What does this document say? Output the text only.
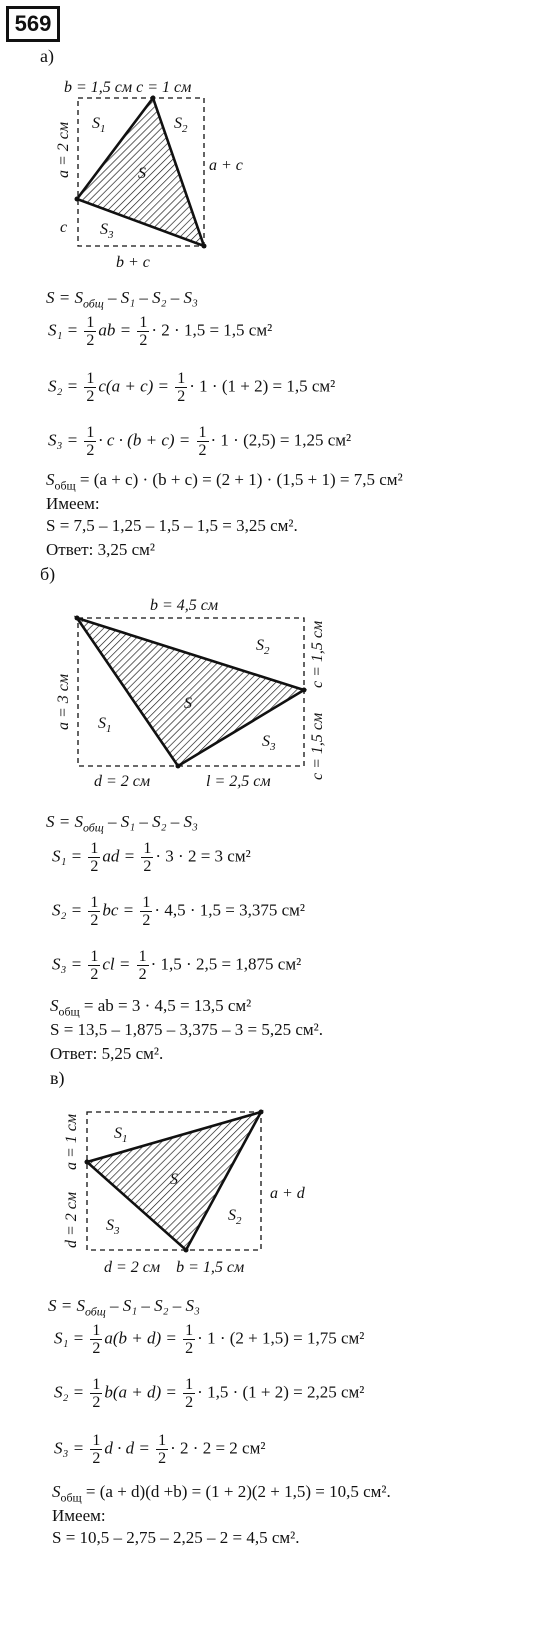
569
а)
b = 1,5 см c = 1 см
a = 2 см	a + c
c
b + c
$S_1$	$S_2$
$S_3$
S
$S = S_{общ} - S_1 - S_2 - S_3$
$S_1 = \frac{1}{2}$ ab = $\frac{1}{2} \cdot 2 \cdot 1,5 = 1,5$ см²
$S_2 = \frac{1}{2} c(a + c) = \frac{1}{2} \cdot 1 \cdot (1 + 2) = 1,5$ см²
$S_3 = \frac{1}{2} \cdot c \cdot (b + c) = \frac{1}{2} \cdot 1 \cdot (2,5) = 1,25$ см²
$S_{общ} = (a + c) \cdot (b + c) = (2 + 1) \cdot (1,5 + 1) = 7,5$ см²
Имеем:
S = 7,5 – 1,25 – 1,5 – 1,5 = 3,25 см².
Ответ: 3,25 см²
б)
b = 4,5 см
a = 3 см
c = 1,5 см
c = 1,5 см
d = 2 см	l = 2,5 см
$S_1$
$S_2$
$S_3$
S
$S = S_{общ} - S_1 - S_2 - S_3$
$S_1 = \frac{1}{2}$ ad = $\frac{1}{2} \cdot 3 \cdot 2 = 3$ см²
$S_2 = \frac{1}{2}$ bc = $\frac{1}{2} \cdot 4,5 \cdot 1,5 = 3,375$ см²
$S_3 = \frac{1}{2}$ cl = $\frac{1}{2} \cdot 1,5 \cdot 2,5 = 1,875$ см²
$S_{общ}$ = ab = 3 · 4,5 = 13,5 см²
S = 13,5 – 1,875 – 3,375 – 3 = 5,25 см².
Ответ: 5,25 см².
в)
a = 1 см
d = 2 см	a + d
d = 2 см    b = 1,5 см
$S_1$
$S_2$
$S_3$
S
$S = S_{общ} - S_1 - S_2 - S_3$
$S_1 = \frac{1}{2} a(b + d) = \frac{1}{2} \cdot 1 \cdot (2 + 1,5) = 1,75$ см²
$S_2 = \frac{1}{2} b(a + d) = \frac{1}{2} \cdot 1,5 \cdot (1 + 2) = 2,25$ см²
$S_3 = \frac{1}{2}$ $d \cdot d = \frac{1}{2} \cdot 2 \cdot 2 = 2$ см²
$S_{общ} = (a + d)(d +b) = (1 + 2)(2 + 1,5) = 10,5$ см².
Имеем:
S = 10,5 – 2,75 – 2,25 – 2 = 4,5 см².
